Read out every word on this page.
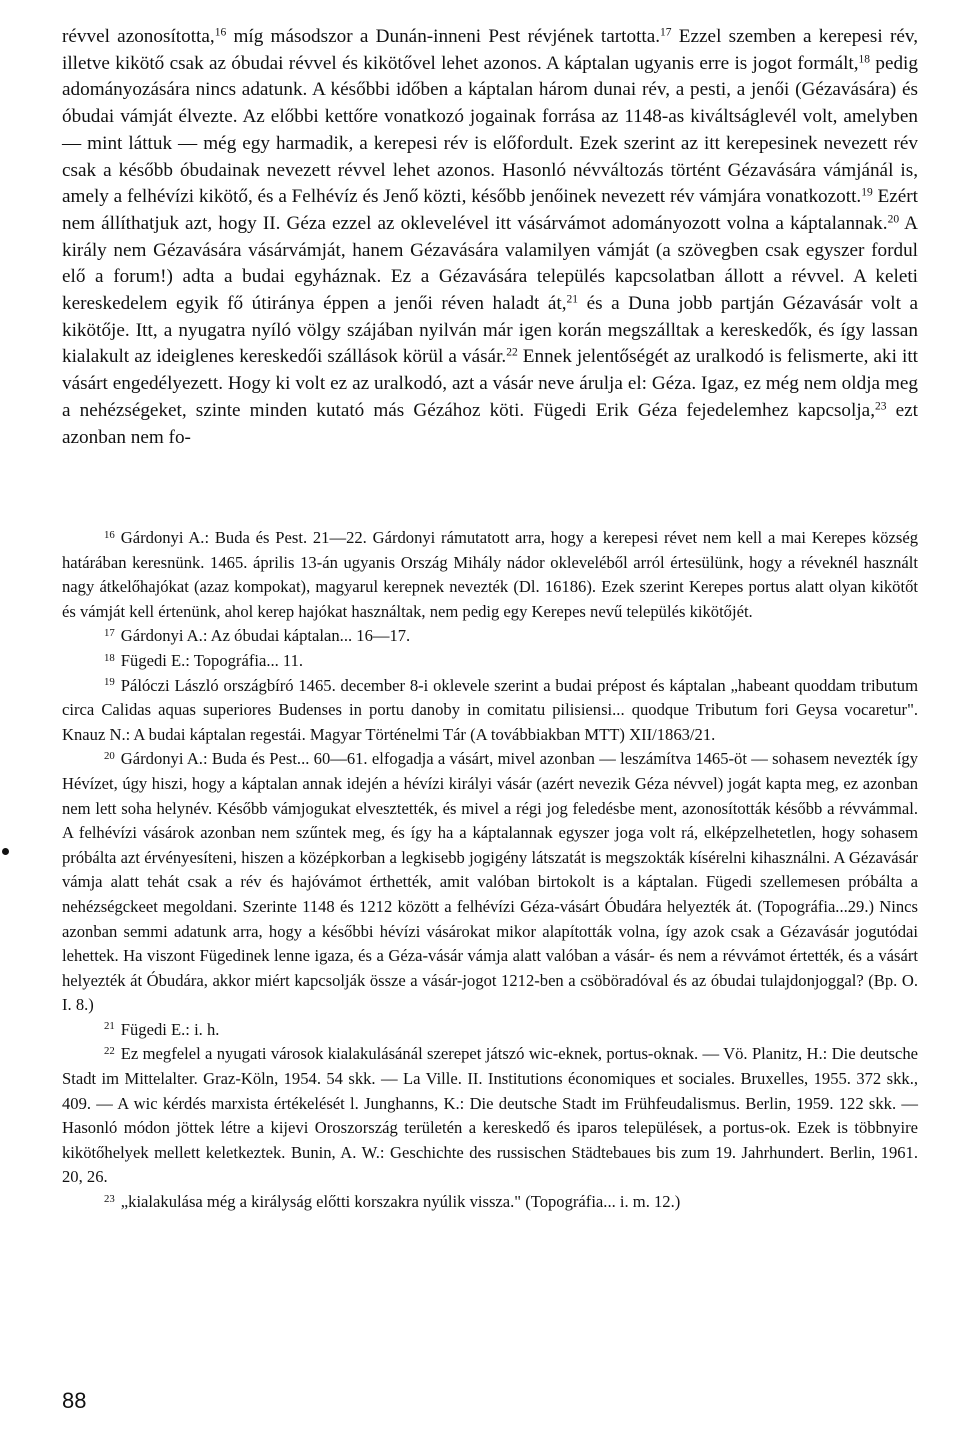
révvel azonosította,$^{16}$ míg másodszor a Dunán-inneni Pest révjének tartotta.$^{17}$ Ezzel szemben a kerepesi rév, illetve kikötő csak az óbudai révvel és kikötővel lehet azonos. A káptalan ugyanis erre is jogot formált,$^{18}$ pedig adományozására nincs adatunk. A későbbi időben a káptalan három dunai rév, a pesti, a jenői (Gézavására) és óbudai vámját élvezte. Az előbbi kettőre vonatkozó jogainak forrása az 1148-as kiváltságlevél volt, amelyben — mint láttuk — még egy harmadik, a kerepesi rév is előfordult. Ezek szerint az itt kerepesinek nevezett rév csak a később óbudainak nevezett révvel lehet azonos. Hasonló névváltozás történt Gézavására vámjánál is, amely a felhévízi kikötő, és a Felhévíz és Jenő közti, később jenőinek nevezett rév vámjára vonatkozott.$^{19}$ Ezért nem állíthatjuk azt, hogy II. Géza ezzel az oklevelével itt vásárvámot adományozott volna a káptalannak.$^{20}$ A király nem Gézavására vásárvámját, hanem Gézavására valamilyen vámját (a szövegben csak egyszer fordul elő a forum!) adta a budai egyháznak. Ez a Gézavására település kapcsolatban állott a révvel. A keleti kereskedelem egyik fő útiránya éppen a jenői réven haladt át,$^{21}$ és a Duna jobb partján Gézavásár volt a kikötője. Itt, a nyugatra nyíló völgy szájában nyilván már igen korán megszálltak a kereskedők, és így lassan kialakult az ideiglenes kereskedői szállások körül a vásár.$^{22}$ Ennek jelentőségét az uralkodó is felismerte, aki itt vásárt engedélyezett. Hogy ki volt ez az uralkodó, azt a vásár neve árulja el: Géza. Igaz, ez még nem oldja meg a nehézségeket, szinte minden kutató más Gézához köti. Fügedi Erik Géza fejedelemhez kapcsolja,$^{23}$ ezt azonban nem fo-

$^{16}$ Gárdonyi A.: Buda és Pest. 21—22. Gárdonyi rámutatott arra, hogy a kerepesi révet nem kell a mai Kerepes község határában keresnünk. 1465. április 13-án ugyanis Ország Mihály nádor okleveléből arról értesülünk, hogy a réveknél használt nagy átkelőhajókat (azaz kompokat), magyarul kerepnek nevezték (Dl. 16186). Ezek szerint Kerepes portus alatt olyan kikötőt és vámját kell értenünk, ahol kerep hajókat használtak, nem pedig egy Kerepes nevű település kikötőjét.

$^{17}$ Gárdonyi A.: Az óbudai káptalan... 16—17.

$^{18}$ Fügedi E.: Topográfia... 11.

$^{19}$ Pálóczi László országbíró 1465. december 8-i oklevele szerint a budai prépost és káptalan „habeant quoddam tributum circa Calidas aquas superiores Budenses in portu danoby in comitatu pilisiensi... quodque Tributum fori Geysa vocaretur". Knauz N.: A budai káptalan regestái. Magyar Történelmi Tár (A továbbiakban MTT) XII/1863/21.

$^{20}$ Gárdonyi A.: Buda és Pest... 60—61. elfogadja a vásárt, mivel azonban — leszámítva 1465-öt — sohasem nevezték így Hévízet, úgy hiszi, hogy a káptalan annak idején a hévízi királyi vásár (azért nevezik Géza névvel) jogát kapta meg, ez azonban nem lett soha helynév. Később vámjogukat elvesztették, és mivel a régi jog feledésbe ment, azonosították később a révvámmal. A felhévízi vásárok azonban nem szűntek meg, és így ha a káptalannak egyszer joga volt rá, elképzelhetetlen, hogy sohasem próbálta azt érvényesíteni, hiszen a középkorban a legkisebb jogigény látszatát is megszokták kísérelni kihasználni. A Gézavásár vámja alatt tehát csak a rév és hajóvámot érthették, amit valóban birtokolt is a káptalan. Fügedi szellemesen próbálta a nehézségckeet megoldani. Szerinte 1148 és 1212 között a felhévízi Géza-vásárt Óbudára helyezték át. (Topográfia...29.) Nincs azonban semmi adatunk arra, hogy a későbbi hévízi vásárokat mikor alapították volna, így azok csak a Gézavásár jogutódai lehettek. Ha viszont Fügedinek lenne igaza, és a Géza-vásár vámja alatt valóban a vásár- és nem a révvámot értették, és a vásárt helyezték át Óbudára, akkor miért kapcsolják össze a vásár-jogot 1212-ben a csöböradóval és az óbudai tulajdonjoggal? (Bp. O. I. 8.)

$^{21}$ Fügedi E.: i. h.

$^{22}$ Ez megfelel a nyugati városok kialakulásánál szerepet játszó wic-eknek, portus-oknak. — Vö. Planitz, H.: Die deutsche Stadt im Mittelalter. Graz-Köln, 1954. 54 skk. — La Ville. II. Institutions économiques et sociales. Bruxelles, 1955. 372 skk., 409. — A wic kérdés marxista értékelését l. Junghanns, K.: Die deutsche Stadt im Frühfeudalismus. Berlin, 1959. 122 skk. — Hasonló módon jöttek létre a kijevi Oroszország területén a kereskedő és iparos települések, a portus-ok. Ezek is többnyire kikötőhelyek mellett keletkeztek. Bunin, A. W.: Geschichte des russischen Städtebaues bis zum 19. Jahrhundert. Berlin, 1961. 20, 26.

$^{23}$ „kialakulása még a királyság előtti korszakra nyúlik vissza." (Topográfia... i. m. 12.)

88
